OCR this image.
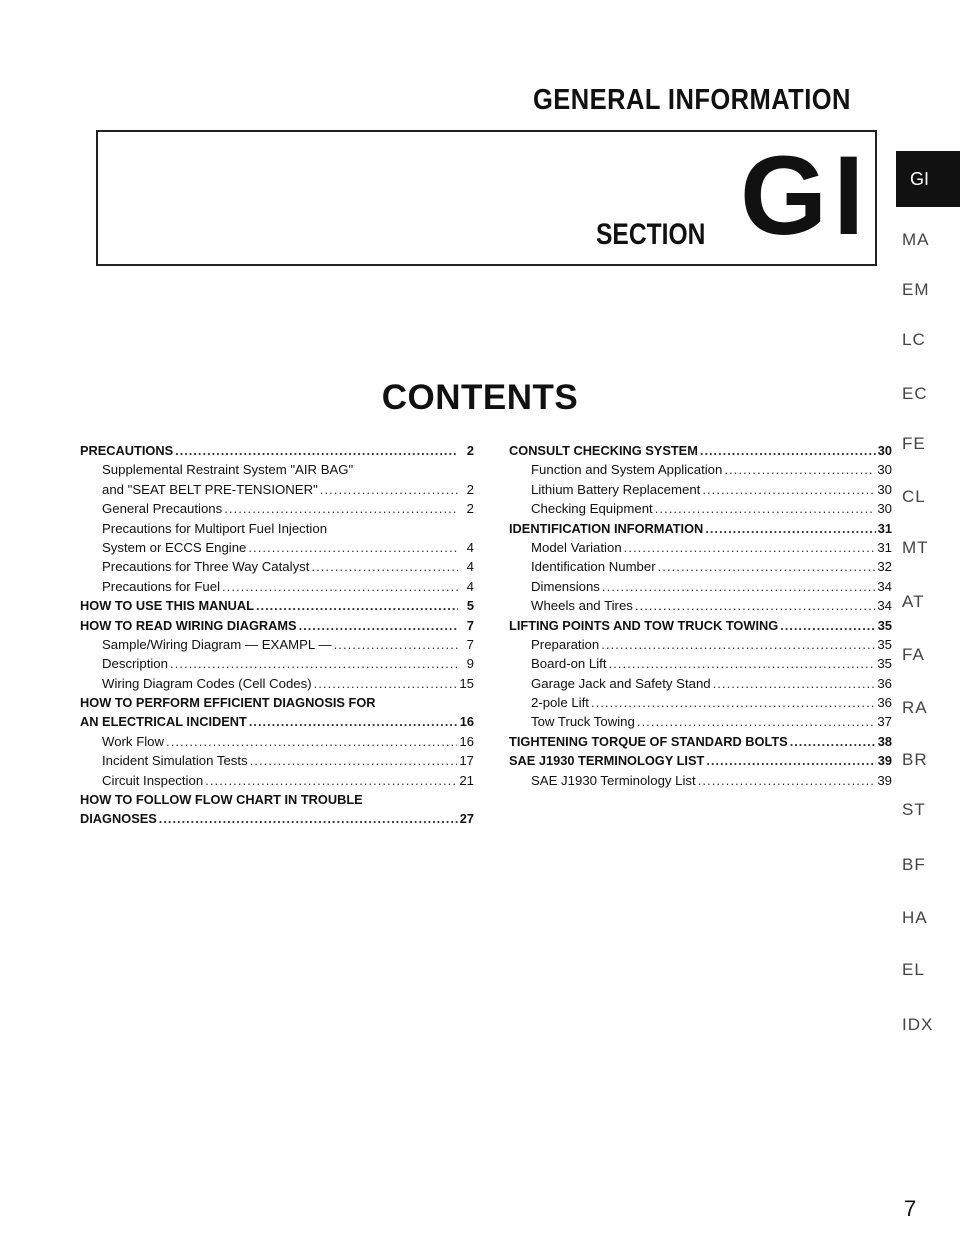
GENERAL INFORMATION
SECTION GI
CONTENTS
PRECAUTIONS .....	2
Supplemental Restraint System "AIR BAG"
and "SEAT BELT PRE-TENSIONER" .....	2
General Precautions .....	2
Precautions for Multiport Fuel Injection
System or ECCS Engine .....	4
Precautions for Three Way Catalyst .....	4
Precautions for Fuel .....	4
HOW TO USE THIS MANUAL .....	5
HOW TO READ WIRING DIAGRAMS .....	7
Sample/Wiring Diagram — EXAMPL — .....	7
Description .....	9
Wiring Diagram Codes (Cell Codes) .....	15
HOW TO PERFORM EFFICIENT DIAGNOSIS FOR
AN ELECTRICAL INCIDENT .....	16
Work Flow .....	16
Incident Simulation Tests .....	17
Circuit Inspection .....	21
HOW TO FOLLOW FLOW CHART IN TROUBLE
DIAGNOSES .....	27
CONSULT CHECKING SYSTEM .....	30
Function and System Application .....	30
Lithium Battery Replacement .....	30
Checking Equipment .....	30
IDENTIFICATION INFORMATION .....	31
Model Variation .....	31
Identification Number .....	32
Dimensions .....	34
Wheels and Tires .....	34
LIFTING POINTS AND TOW TRUCK TOWING .....	35
Preparation .....	35
Board-on Lift .....	35
Garage Jack and Safety Stand .....	36
2-pole Lift .....	36
Tow Truck Towing .....	37
TIGHTENING TORQUE OF STANDARD BOLTS .....	38
SAE J1930 TERMINOLOGY LIST .....	39
SAE J1930 Terminology List .....	39
GI
MA
EM
LC
EC
FE
CL
MT
AT
FA
RA
BR
ST
BF
HA
EL
IDX
7
